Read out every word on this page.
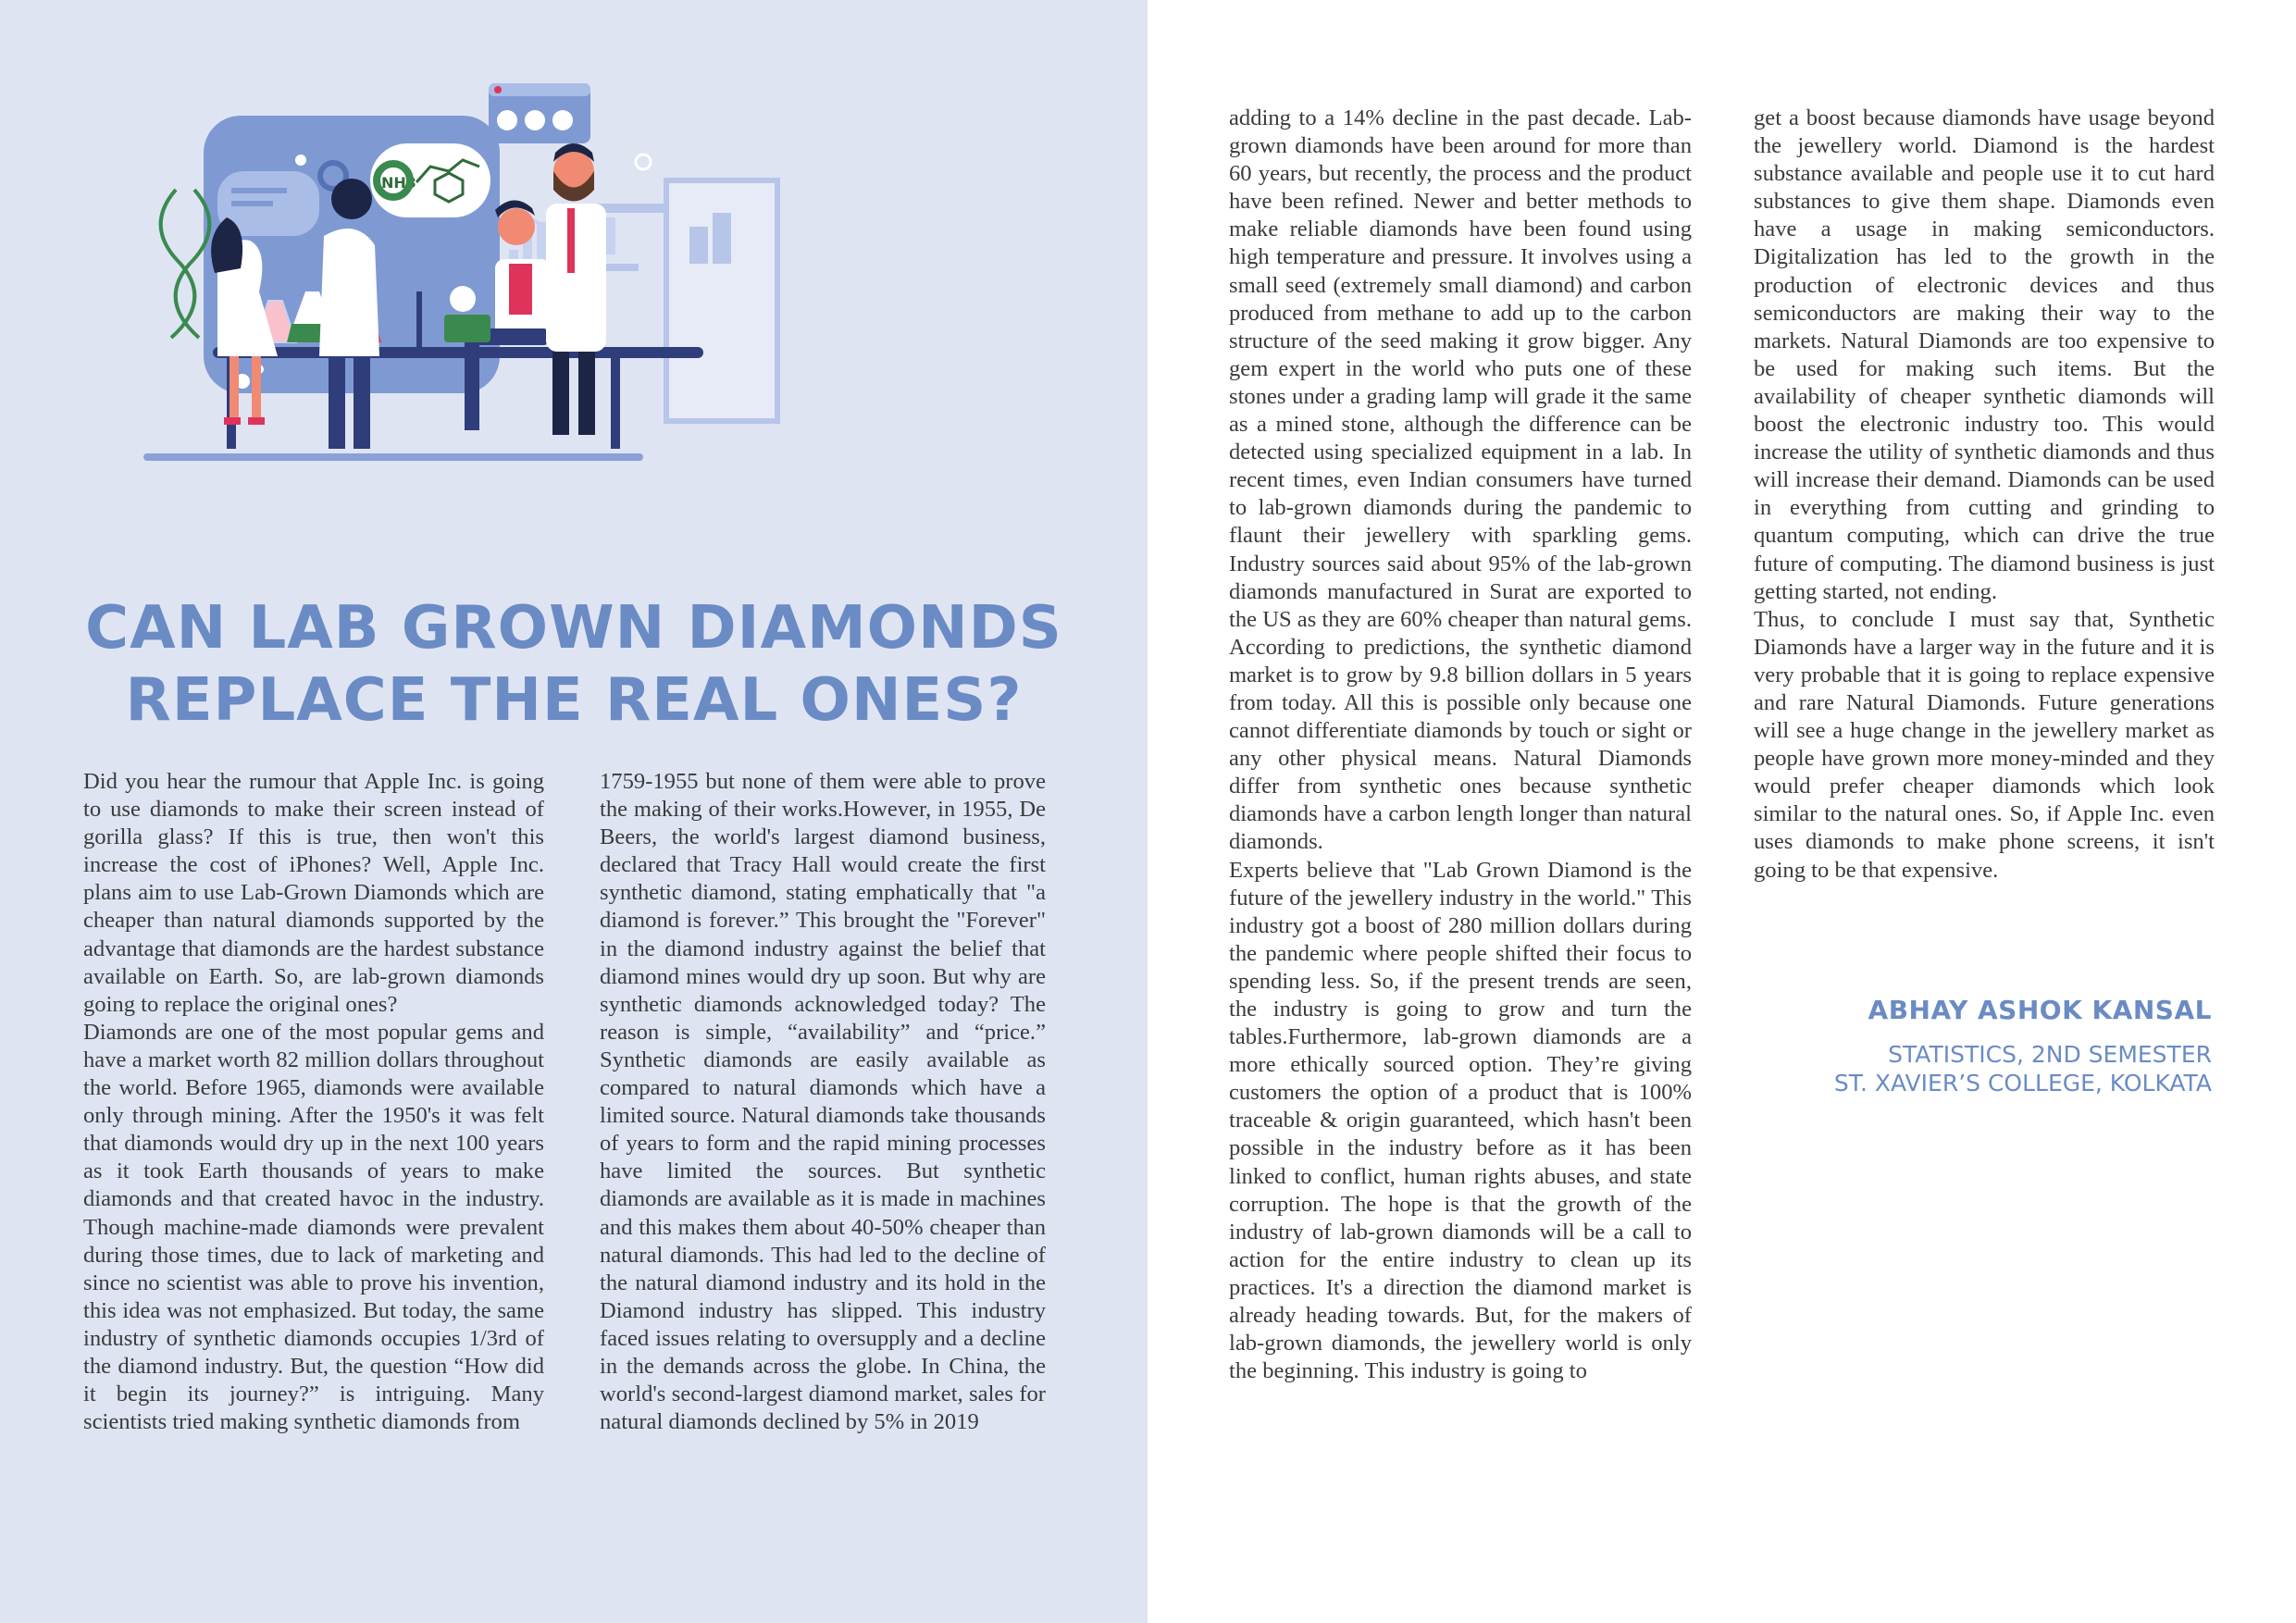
NH3
CAN LAB GROWN DIAMONDS
REPLACE THE REAL ONES?

Did you hear the rumour that Apple Inc. is going to use diamonds to make their screen instead of gorilla glass? If this is true, then won't this increase the cost of iPhones? Well, Apple Inc. plans aim to use Lab-Grown Diamonds which are cheaper than natural diamonds supported by the advantage that diamonds are the hardest substance available on Earth. So, are lab-grown diamonds going to replace the original ones?

Diamonds are one of the most popular gems and have a market worth 82 million dollars throughout the world. Before 1965, diamonds were available only through mining. After the 1950's it was felt that diamonds would dry up in the next 100 years as it took Earth thousands of years to make diamonds and that created havoc in the industry. Though machine-made diamonds were prevalent during those times, due to lack of marketing and since no scientist was able to prove his invention, this idea was not emphasized. But today, the same industry of synthetic diamonds occupies 1/3rd of the diamond industry. But, the question “How did it begin its journey?” is intriguing. Many scientists tried making synthetic diamonds from

1759-1955 but none of them were able to prove the making of their works.However, in 1955, De Beers, the world's largest diamond business, declared that Tracy Hall would create the first synthetic diamond, stating emphatically that "a diamond is forever.” This brought the "Forever" in the diamond industry against the belief that diamond mines would dry up soon. But why are synthetic diamonds acknowledged today? The reason is simple, “availability” and “price.” Synthetic diamonds are easily available as compared to natural diamonds which have a limited source. Natural diamonds take thousands of years to form and the rapid mining processes have limited the sources. But synthetic diamonds are available as it is made in machines and this makes them about 40-50% cheaper than natural diamonds. This had led to the decline of the natural diamond industry and its hold in the Diamond industry has slipped. This industry faced issues relating to oversupply and a decline in the demands across the globe. In China, the world's second-largest diamond market, sales for natural diamonds declined by 5% in 2019

adding to a 14% decline in the past decade. Lab-grown diamonds have been around for more than 60 years, but recently, the process and the product have been refined. Newer and better methods to make reliable diamonds have been found using high temperature and pressure. It involves using a small seed (extremely small diamond) and carbon produced from methane to add up to the carbon structure of the seed making it grow bigger. Any gem expert in the world who puts one of these stones under a grading lamp will grade it the same as a mined stone, although the difference can be detected using specialized equipment in a lab. In recent times, even Indian consumers have turned to lab-grown diamonds during the pandemic to flaunt their jewellery with sparkling gems. Industry sources said about 95% of the lab-grown diamonds manufactured in Surat are exported to the US as they are 60% cheaper than natural gems. According to predictions, the synthetic diamond market is to grow by 9.8 billion dollars in 5 years from today. All this is possible only because one cannot differentiate diamonds by touch or sight or any other physical means. Natural Diamonds differ from synthetic ones because synthetic diamonds have a carbon length longer than natural diamonds.

Experts believe that "Lab Grown Diamond is the future of the jewellery industry in the world." This industry got a boost of 280 million dollars during the pandemic where people shifted their focus to spending less. So, if the present trends are seen, the industry is going to grow and turn the tables.Furthermore, lab-grown diamonds are a more ethically sourced option. They’re giving customers the option of a product that is 100% traceable & origin guaranteed, which hasn't been possible in the industry before as it has been linked to conflict, human rights abuses, and state corruption. The hope is that the growth of the industry of lab-grown diamonds will be a call to action for the entire industry to clean up its practices. It's a direction the diamond market is already heading towards. But, for the makers of lab-grown diamonds, the jewellery world is only the beginning. This industry is going to

get a boost because diamonds have usage beyond the jewellery world. Diamond is the hardest substance available and people use it to cut hard substances to give them shape. Diamonds even have a usage in making semiconductors. Digitalization has led to the growth in the production of electronic devices and thus semiconductors are making their way to the markets. Natural Diamonds are too expensive to be used for making such items. But the availability of cheaper synthetic diamonds will boost the electronic industry too. This would increase the utility of synthetic diamonds and thus will increase their demand. Diamonds can be used in everything from cutting and grinding to quantum computing, which can drive the true future of computing. The diamond business is just getting started, not ending.

Thus, to conclude I must say that, Synthetic Diamonds have a larger way in the future and it is very probable that it is going to replace expensive and rare Natural Diamonds. Future generations will see a huge change in the jewellery market as people have grown more money-minded and they would prefer cheaper diamonds which look similar to the natural ones. So, if Apple Inc. even uses diamonds to make phone screens, it isn't going to be that expensive.

ABHAY ASHOK KANSAL
STATISTICS, 2ND SEMESTER
ST. XAVIER’S COLLEGE, KOLKATA
